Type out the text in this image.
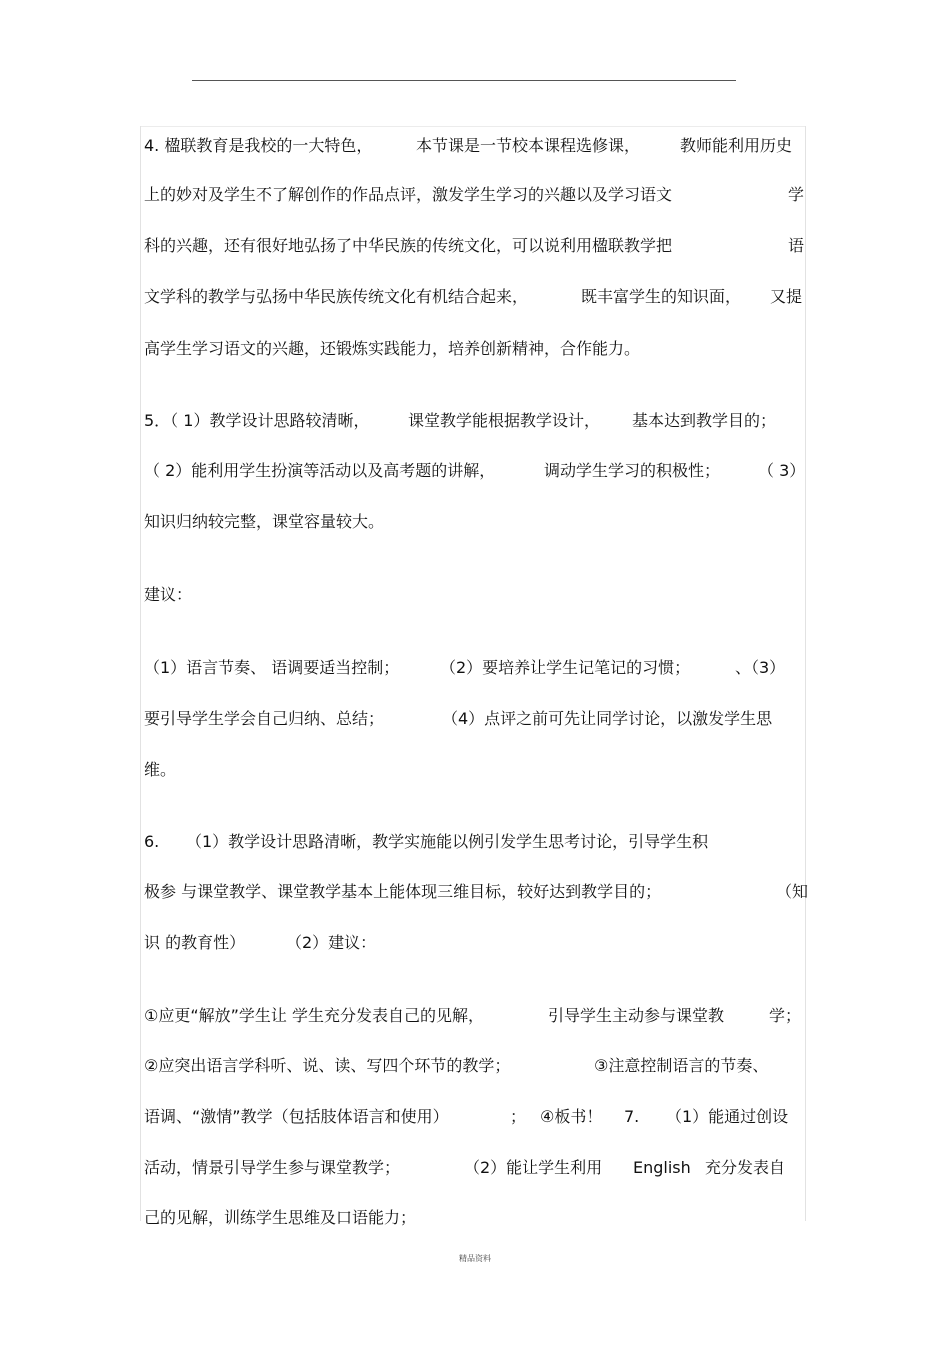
4. 楹联教育是我校的一大特色，	本节课是一节校本课程选修课， 教师能利用历史
上的妙对及学生不了解创作的作品点评，激发学生学习的兴趣以及学习语文	学
科的兴趣，还有很好地弘扬了中华民族的传统文化，可以说利用楹联教学把	语
文学科的教学与弘扬中华民族传统文化有机结合起来，	既丰富学生的知识面， 又提
高学生学习语文的兴趣，还锻炼实践能力，培养创新精神，合作能力。
5．（ 1）教学设计思路较清晰， 课堂教学能根据教学设计， 基本达到教学目的；
（ 2）能利用学生扮演等活动以及高考题的讲解，	调动学生学习的积极性； （ 3）
知识归纳较完整，课堂容量较大。
建议：
（1）语言节奏、 语调要适当控制；	（2）要培养让学生记笔记的习惯；	、（3）
要引导学生学会自己归纳、总结；	（4）点评之前可先让同学讨论，以激发学生思
维。
6. （1）教学设计思路清晰，教学实施能以例引发学生思考讨论，引导学生积
极参 与课堂教学、课堂教学基本上能体现三维目标，较好达到教学目的；	（知
识 的教育性）	（2）建议：
①应更“解放”学生让 学生充分发表自己的见解，	引导学生主动参与课堂教	学；
②应突出语言学科听、说、读、写四个环节的教学；	③注意控制语言的节奏、
语调、“激情”教学（包括肢体语言和使用）	； ④板书！ 7. （1）能通过创设
活动，情景引导学生参与课堂教学；	（2）能让学生利用 English 充分发表自
己的见解，训练学生思维及口语能力；
精品资料
